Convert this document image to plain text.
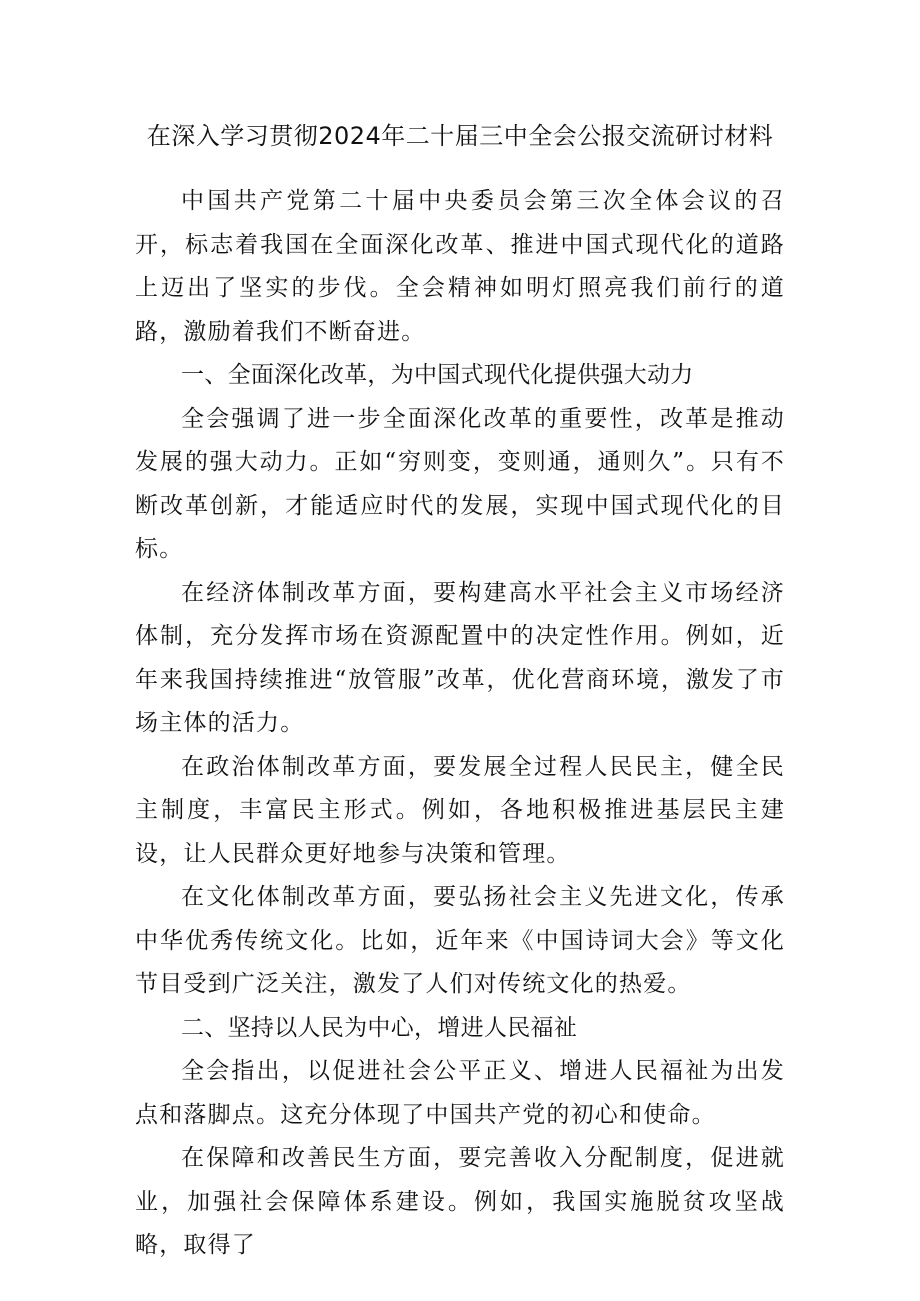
在深入学习贯彻2024年二十届三中全会公报交流研讨材料

中国共产党第二十届中央委员会第三次全体会议的召开，标志着我国在全面深化改革、推进中国式现代化的道路上迈出了坚实的步伐。全会精神如明灯照亮我们前行的道路，激励着我们不断奋进。

一、全面深化改革，为中国式现代化提供强大动力

全会强调了进一步全面深化改革的重要性，改革是推动发展的强大动力。正如“穷则变，变则通，通则久”。只有不断改革创新，才能适应时代的发展，实现中国式现代化的目标。

在经济体制改革方面，要构建高水平社会主义市场经济体制，充分发挥市场在资源配置中的决定性作用。例如，近年来我国持续推进“放管服”改革，优化营商环境，激发了市场主体的活力。

在政治体制改革方面，要发展全过程人民民主，健全民主制度，丰富民主形式。例如，各地积极推进基层民主建设，让人民群众更好地参与决策和管理。

在文化体制改革方面，要弘扬社会主义先进文化，传承中华优秀传统文化。比如，近年来《中国诗词大会》等文化节目受到广泛关注，激发了人们对传统文化的热爱。

二、坚持以人民为中心，增进人民福祉

全会指出，以促进社会公平正义、增进人民福祉为出发点和落脚点。这充分体现了中国共产党的初心和使命。

在保障和改善民生方面，要完善收入分配制度，促进就业，加强社会保障体系建设。例如，我国实施脱贫攻坚战略，取得了
